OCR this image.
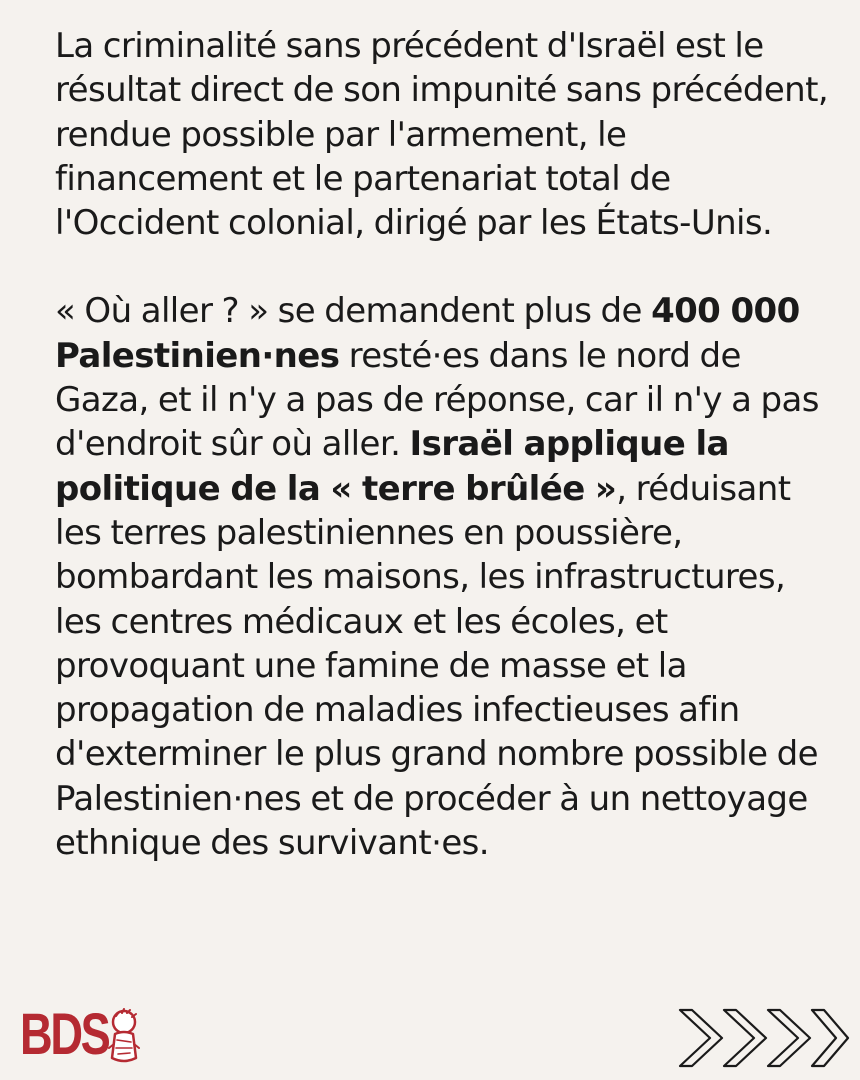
La criminalité sans précédent d'Israël est le résultat direct de son impunité sans précédent, rendue possible par l'armement, le financement et le partenariat total de l'Occident colonial, dirigé par les États-Unis.

« Où aller ? » se demandent plus de 400 000 Palestinien·nes resté·es dans le nord de Gaza, et il n'y a pas de réponse, car il n'y a pas d'endroit sûr où aller. Israël applique la politique de la « terre brûlée », réduisant les terres palestiniennes en poussière, bombardant les maisons, les infrastructures, les centres médicaux et les écoles, et provoquant une famine de masse et la propagation de maladies infectieuses afin d'exterminer le plus grand nombre possible de Palestinien·nes et de procéder à un nettoyage ethnique des survivant·es.

BDS
